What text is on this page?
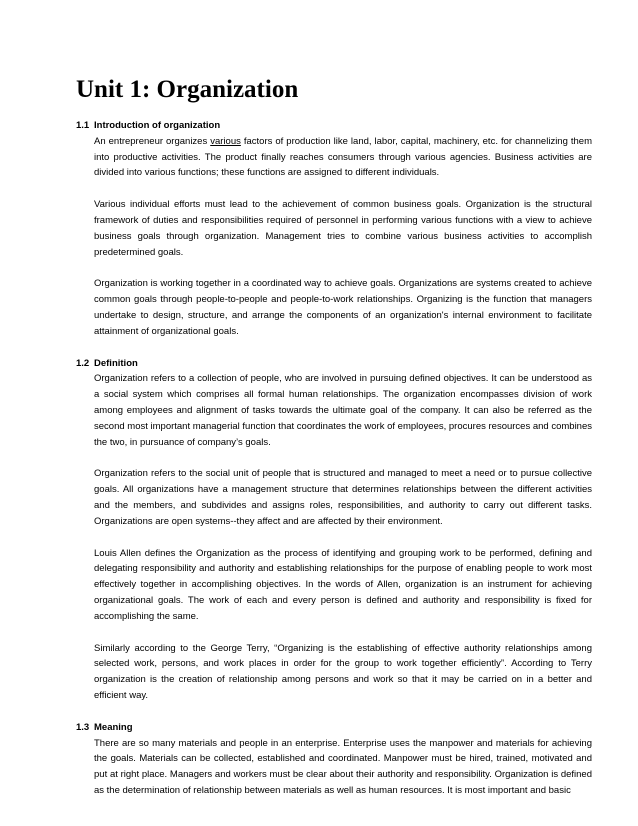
Unit 1: Organization

1.1 Introduction of organization

An entrepreneur organizes various factors of production like land, labor, capital, machinery, etc. for channelizing them into productive activities. The product finally reaches consumers through various agencies. Business activities are divided into various functions; these functions are assigned to different individuals.

Various individual efforts must lead to the achievement of common business goals. Organization is the structural framework of duties and responsibilities required of personnel in performing various functions with a view to achieve business goals through organization. Management tries to combine various business activities to accomplish predetermined goals.

Organization is working together in a coordinated way to achieve goals. Organizations are systems created to achieve common goals through people-to-people and people-to-work relationships. Organizing is the function that managers undertake to design, structure, and arrange the components of an organization's internal environment to facilitate attainment of organizational goals.

1.2 Definition

Organization refers to a collection of people, who are involved in pursuing defined objectives. It can be understood as a social system which comprises all formal human relationships. The organization encompasses division of work among employees and alignment of tasks towards the ultimate goal of the company. It can also be referred as the second most important managerial function that coordinates the work of employees, procures resources and combines the two, in pursuance of company’s goals.

Organization refers to the social unit of people that is structured and managed to meet a need or to pursue collective goals. All organizations have a management structure that determines relationships between the different activities and the members, and subdivides and assigns roles, responsibilities, and authority to carry out different tasks. Organizations are open systems--they affect and are affected by their environment.

Louis Allen defines the Organization as the process of identifying and grouping work to be performed, defining and delegating responsibility and authority and establishing relationships for the purpose of enabling people to work most effectively together in accomplishing objectives. In the words of Allen, organization is an instrument for achieving organizational goals. The work of each and every person is defined and authority and responsibility is fixed for accomplishing the same.

Similarly according to the George Terry, “Organizing is the establishing of effective authority relationships among selected work, persons, and work places in order for the group to work together efficiently”. According to Terry organization is the creation of relationship among persons and work so that it may be carried on in a better and efficient way.

1.3 Meaning

There are so many materials and people in an enterprise. Enterprise uses the manpower and materials for achieving the goals. Materials can be collected, established and coordinated. Manpower must be hired, trained, motivated and put at right place. Managers and workers must be clear about their authority and responsibility. Organization is defined as the determination of relationship between materials as well as human resources. It is most important and basic
